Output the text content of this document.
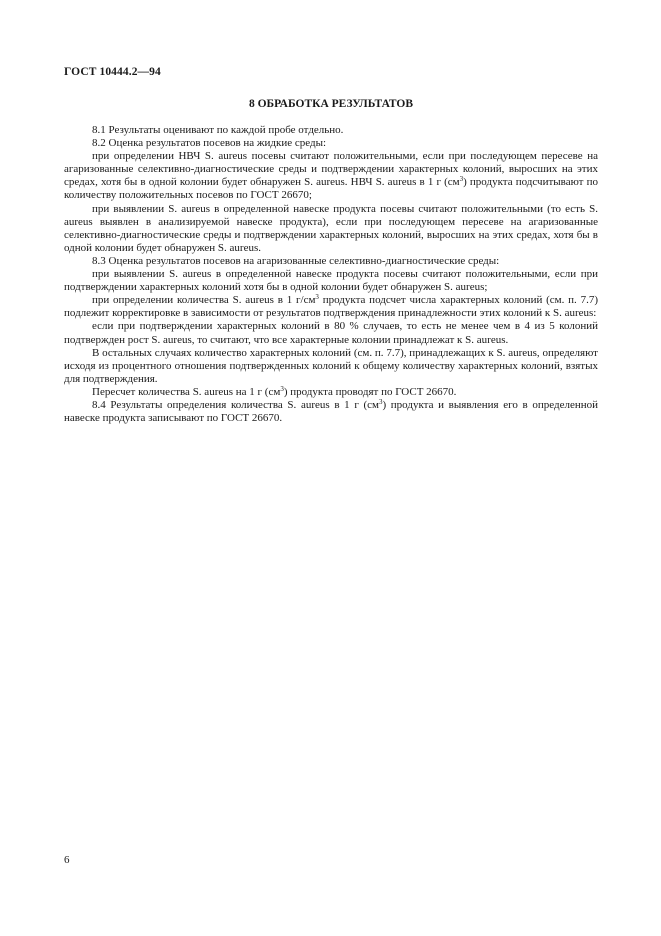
ГОСТ 10444.2—94
8 ОБРАБОТКА РЕЗУЛЬТАТОВ

8.1 Результаты оценивают по каждой пробе отдельно.

8.2 Оценка результатов посевов на жидкие среды:

при определении НВЧ S. aureus посевы считают положительными, если при последующем пересеве на агаризованные селективно-диагностические среды и подтверждении характерных колоний, выросших на этих средах, хотя бы в одной колонии будет обнаружен S. aureus. НВЧ S. aureus в 1 г $(см^3)$ продукта подсчитывают по количеству положительных посевов по ГОСТ 26670;

при выявлении S. aureus в определенной навеске продукта посевы считают положительными (то есть S. aureus выявлен в анализируемой навеске продукта), если при последующем пересеве на агаризованные селективно-диагностические среды и подтверждении характерных колоний, выросших на этих средах, хотя бы в одной колонии будет обнаружен S. aureus.

8.3 Оценка результатов посевов на агаризованные селективно-диагностические среды:

при выявлении S. aureus в определенной навеске продукта посевы считают положительными, если при подтверждении характерных колоний хотя бы в одной колонии будет обнаружен S. aureus;

при определении количества S. aureus в 1 $г/см^3$ продукта подсчет числа характерных колоний (см. п. 7.7) подлежит корректировке в зависимости от результатов подтверждения принадлежности этих колоний к S. aureus:

если при подтверждении характерных колоний в 80 % случаев, то есть не менее чем в 4 из 5 колоний подтвержден рост S. aureus, то считают, что все характерные колонии принадлежат к S. aureus.

В остальных случаях количество характерных колоний (см. п. 7.7), принадлежащих к S. aureus, определяют исходя из процентного отношения подтвержденных колоний к общему количеству характерных колоний, взятых для подтверждения.

Пересчет количества S. aureus на 1 г $(см^3)$ продукта проводят по ГОСТ 26670.

8.4 Результаты определения количества S. aureus в 1 г $(см^3)$ продукта и выявления его в определенной навеске продукта записывают по ГОСТ 26670.

6
